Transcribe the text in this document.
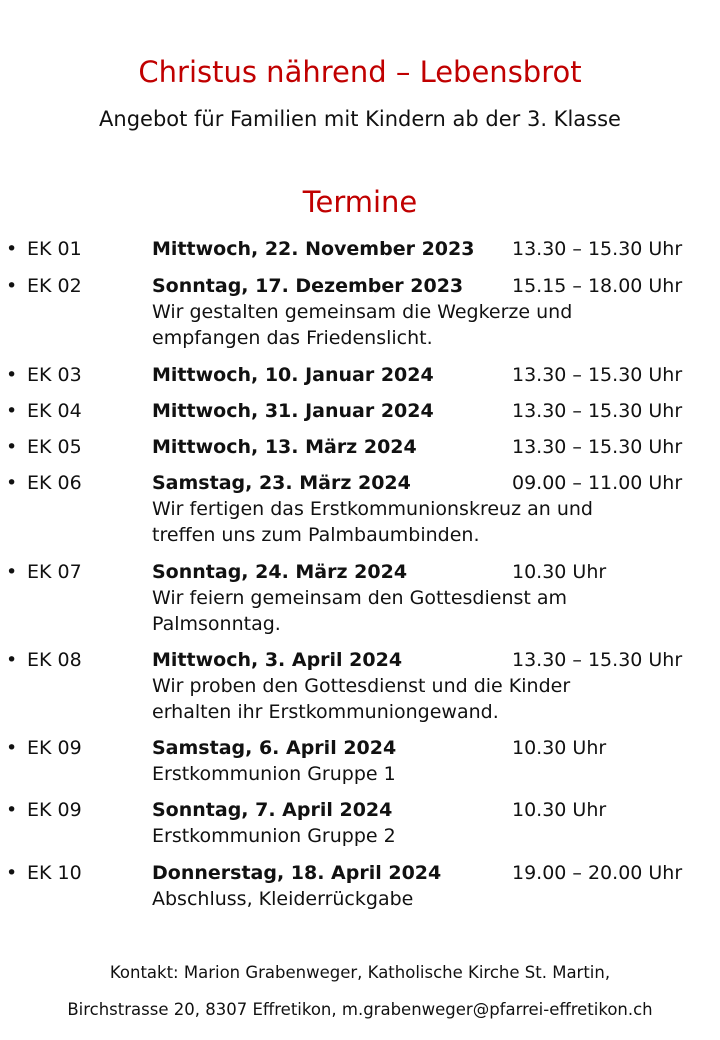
Christus nährend – Lebensbrot
Angebot für Familien mit Kindern ab der 3. Klasse
Termine
• EK 01	Mittwoch, 22. November 2023 13.30 – 15.30 Uhr
• EK 02	Sonntag, 17. Dezember 2023	15.15 – 18.00 Uhr
Wir gestalten gemeinsam die Wegkerze und empfangen das Friedenslicht.
• EK 03	Mittwoch, 10. Januar 2024	13.30 – 15.30 Uhr
• EK 04	Mittwoch, 31. Januar 2024	13.30 – 15.30 Uhr
• EK 05	Mittwoch, 13. März 2024	13.30 – 15.30 Uhr
• EK 06	Samstag, 23. März 2024	09.00 – 11.00 Uhr
Wir fertigen das Erstkommunionskreuz an und treffen uns zum Palmbaumbinden.
• EK 07	Sonntag, 24. März 2024	10.30 Uhr
Wir feiern gemeinsam den Gottesdienst am Palmsonntag.
• EK 08	Mittwoch, 3. April 2024	13.30 – 15.30 Uhr
Wir proben den Gottesdienst und die Kinder erhalten ihr Erstkommuniongewand.
• EK 09	Samstag, 6. April 2024	10.30 Uhr
Erstkommunion Gruppe 1
• EK 09	Sonntag, 7. April 2024	10.30 Uhr
Erstkommunion Gruppe 2
• EK 10	Donnerstag, 18. April 2024	19.00 – 20.00 Uhr
Abschluss, Kleiderrückgabe
Kontakt: Marion Grabenweger, Katholische Kirche St. Martin,
Birchstrasse 20, 8307 Effretikon, m.grabenweger@pfarrei-effretikon.ch
